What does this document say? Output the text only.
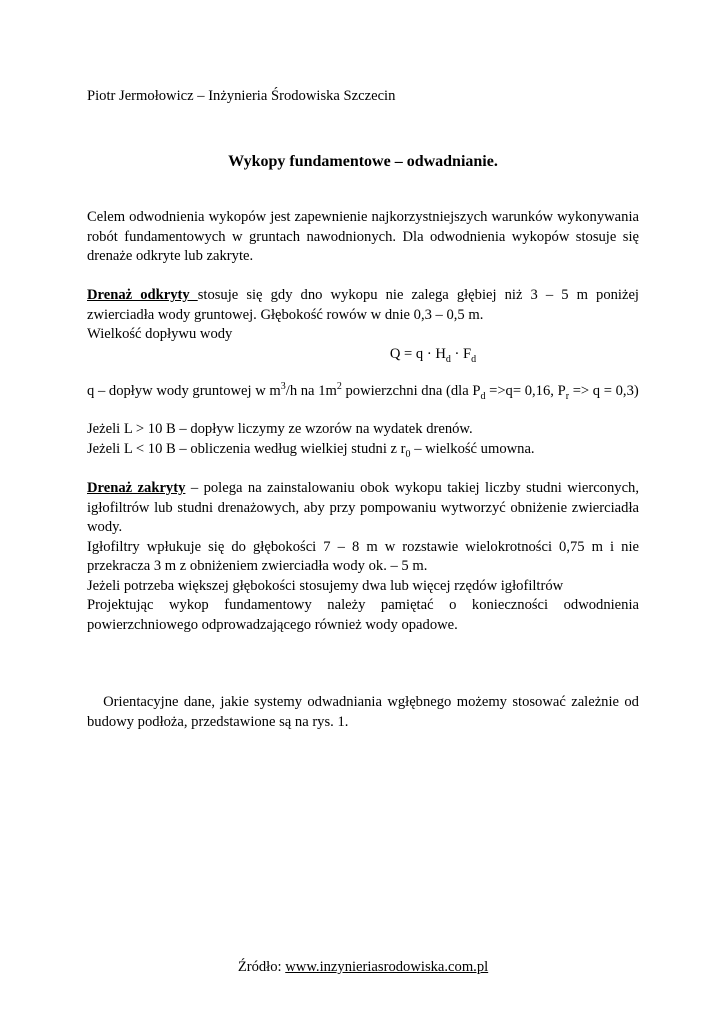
Piotr Jermołowicz – Inżynieria Środowiska Szczecin
Wykopy fundamentowe – odwadnianie.

Celem odwodnienia wykopów jest zapewnienie najkorzystniejszych warunków wykonywania robót fundamentowych w gruntach nawodnionych. Dla odwodnienia wykopów stosuje się drenaże odkryte lub zakryte.

Drenaż odkryty stosuje się gdy dno wykopu nie zalega głębiej niż 3 – 5 m poniżej zwierciadła wody gruntowej. Głębokość rowów w dnie 0,3 – 0,5 m.

Wielkość dopływu wody

$Q = q \cdot H_d \cdot F_d$

q – dopływ wody gruntowej w $m^3/h$ na $1m^2$ powierzchni dna (dla $P_d =>q= 0,16$, $P_r => q = 0,3$)

Jeżeli L > 10 B – dopływ liczymy ze wzorów na wydatek drenów.

Jeżeli L < 10 B – obliczenia według wielkiej studni z $r_0$ – wielkość umowna.

Drenaż zakryty – polega na zainstalowaniu obok wykopu takiej liczby studni wierconych, igłofiltrów lub studni drenażowych, aby przy pompowaniu wytworzyć obniżenie zwierciadła wody.

Igłofiltry wpłukuje się do głębokości 7 – 8 m w rozstawie wielokrotności 0,75 m i nie przekracza 3 m z obniżeniem zwierciadła wody ok. – 5 m.

Jeżeli potrzeba większej głębokości stosujemy dwa lub więcej rzędów igłofiltrów

Projektując wykop fundamentowy należy pamiętać o konieczności odwodnienia powierzchniowego odprowadzającego również wody opadowe.

Orientacyjne dane, jakie systemy odwadniania wgłębnego możemy stosować zależnie od budowy podłoża, przedstawione są na rys. 1.

Źródło: www.inzynieriasrodowiska.com.pl
